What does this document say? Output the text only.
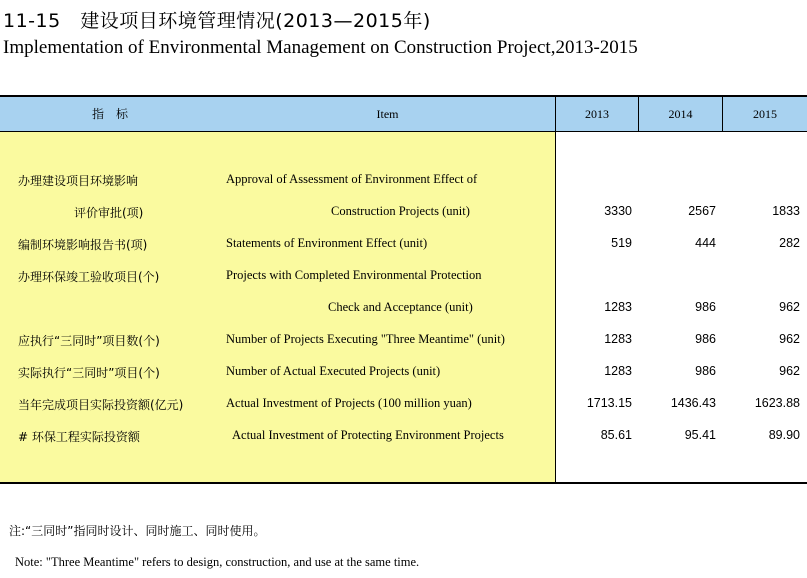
11-15　建设项目环境管理情况(2013—2015年)
Implementation of Environmental Management on Construction Project,2013-2015
指　标	Item	2013	2014	2015
办理建设项目环境影响	Approval of Assessment of Environment Effect of
评价审批(项)	Construction Projects (unit)	3330	2567	1833
编制环境影响报告书(项)	Statements of Environment Effect (unit)	519	444	282
办理环保竣工验收项目(个)	Projects with Completed Environmental Protection
Check and Acceptance (unit)	1283	986	962
应执行“三同时”项目数(个)	Number of Projects Executing "Three Meantime" (unit)	1283	986	962
实际执行“三同时”项目(个)	Number of Actual Executed Projects (unit)	1283	986	962
当年完成项目实际投资额(亿元)	Actual Investment of Projects (100 million yuan)	1713.15	1436.43	1623.88
# 环保工程实际投资额	Actual Investment of Protecting Environment Projects	85.61	95.41	89.90
注:“三同时”指同时设计、同时施工、同时使用。
Note: "Three Meantime" refers to design, construction, and use at the same time.
